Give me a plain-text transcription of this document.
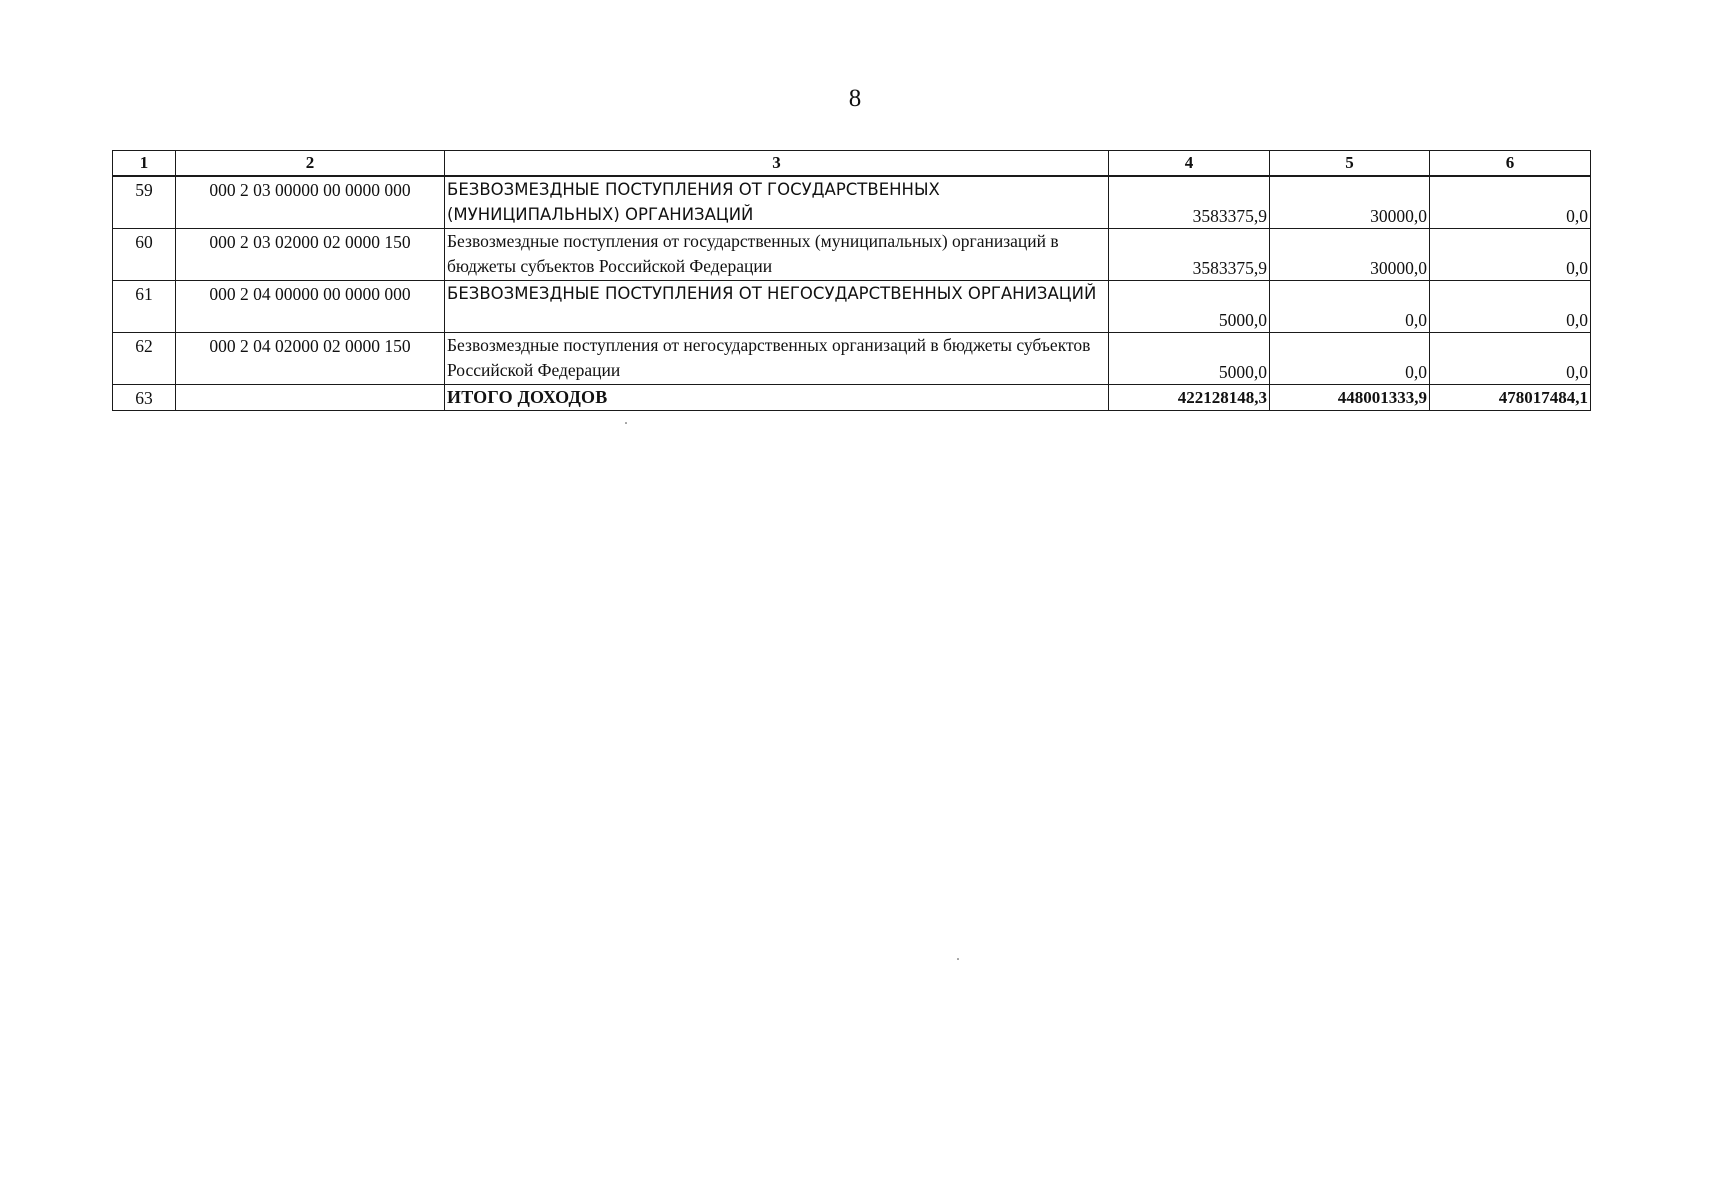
8
1	2	3	4	5	6
59	000 2 03 00000 00 0000 000	БЕЗВОЗМЕЗДНЫЕ ПОСТУПЛЕНИЯ ОТ ГОСУДАРСТВЕННЫХ (МУНИЦИПАЛЬНЫХ) ОРГАНИЗАЦИЙ	3583375,9	30000,0	0,0
60	000 2 03 02000 02 0000 150	Безвозмездные поступления от государственных (муниципальных) организаций в бюджеты субъектов Российской Федерации	3583375,9	30000,0	0,0
61	000 2 04 00000 00 0000 000	БЕЗВОЗМЕЗДНЫЕ ПОСТУПЛЕНИЯ ОТ НЕГОСУДАРСТВЕННЫХ ОРГАНИЗАЦИЙ	5000,0	0,0	0,0
62	000 2 04 02000 02 0000 150	Безвозмездные поступления от негосударственных организаций в бюджеты субъектов Российской Федерации	5000,0	0,0	0,0
63		ИТОГО ДОХОДОВ	422128148,3	448001333,9	478017484,1
